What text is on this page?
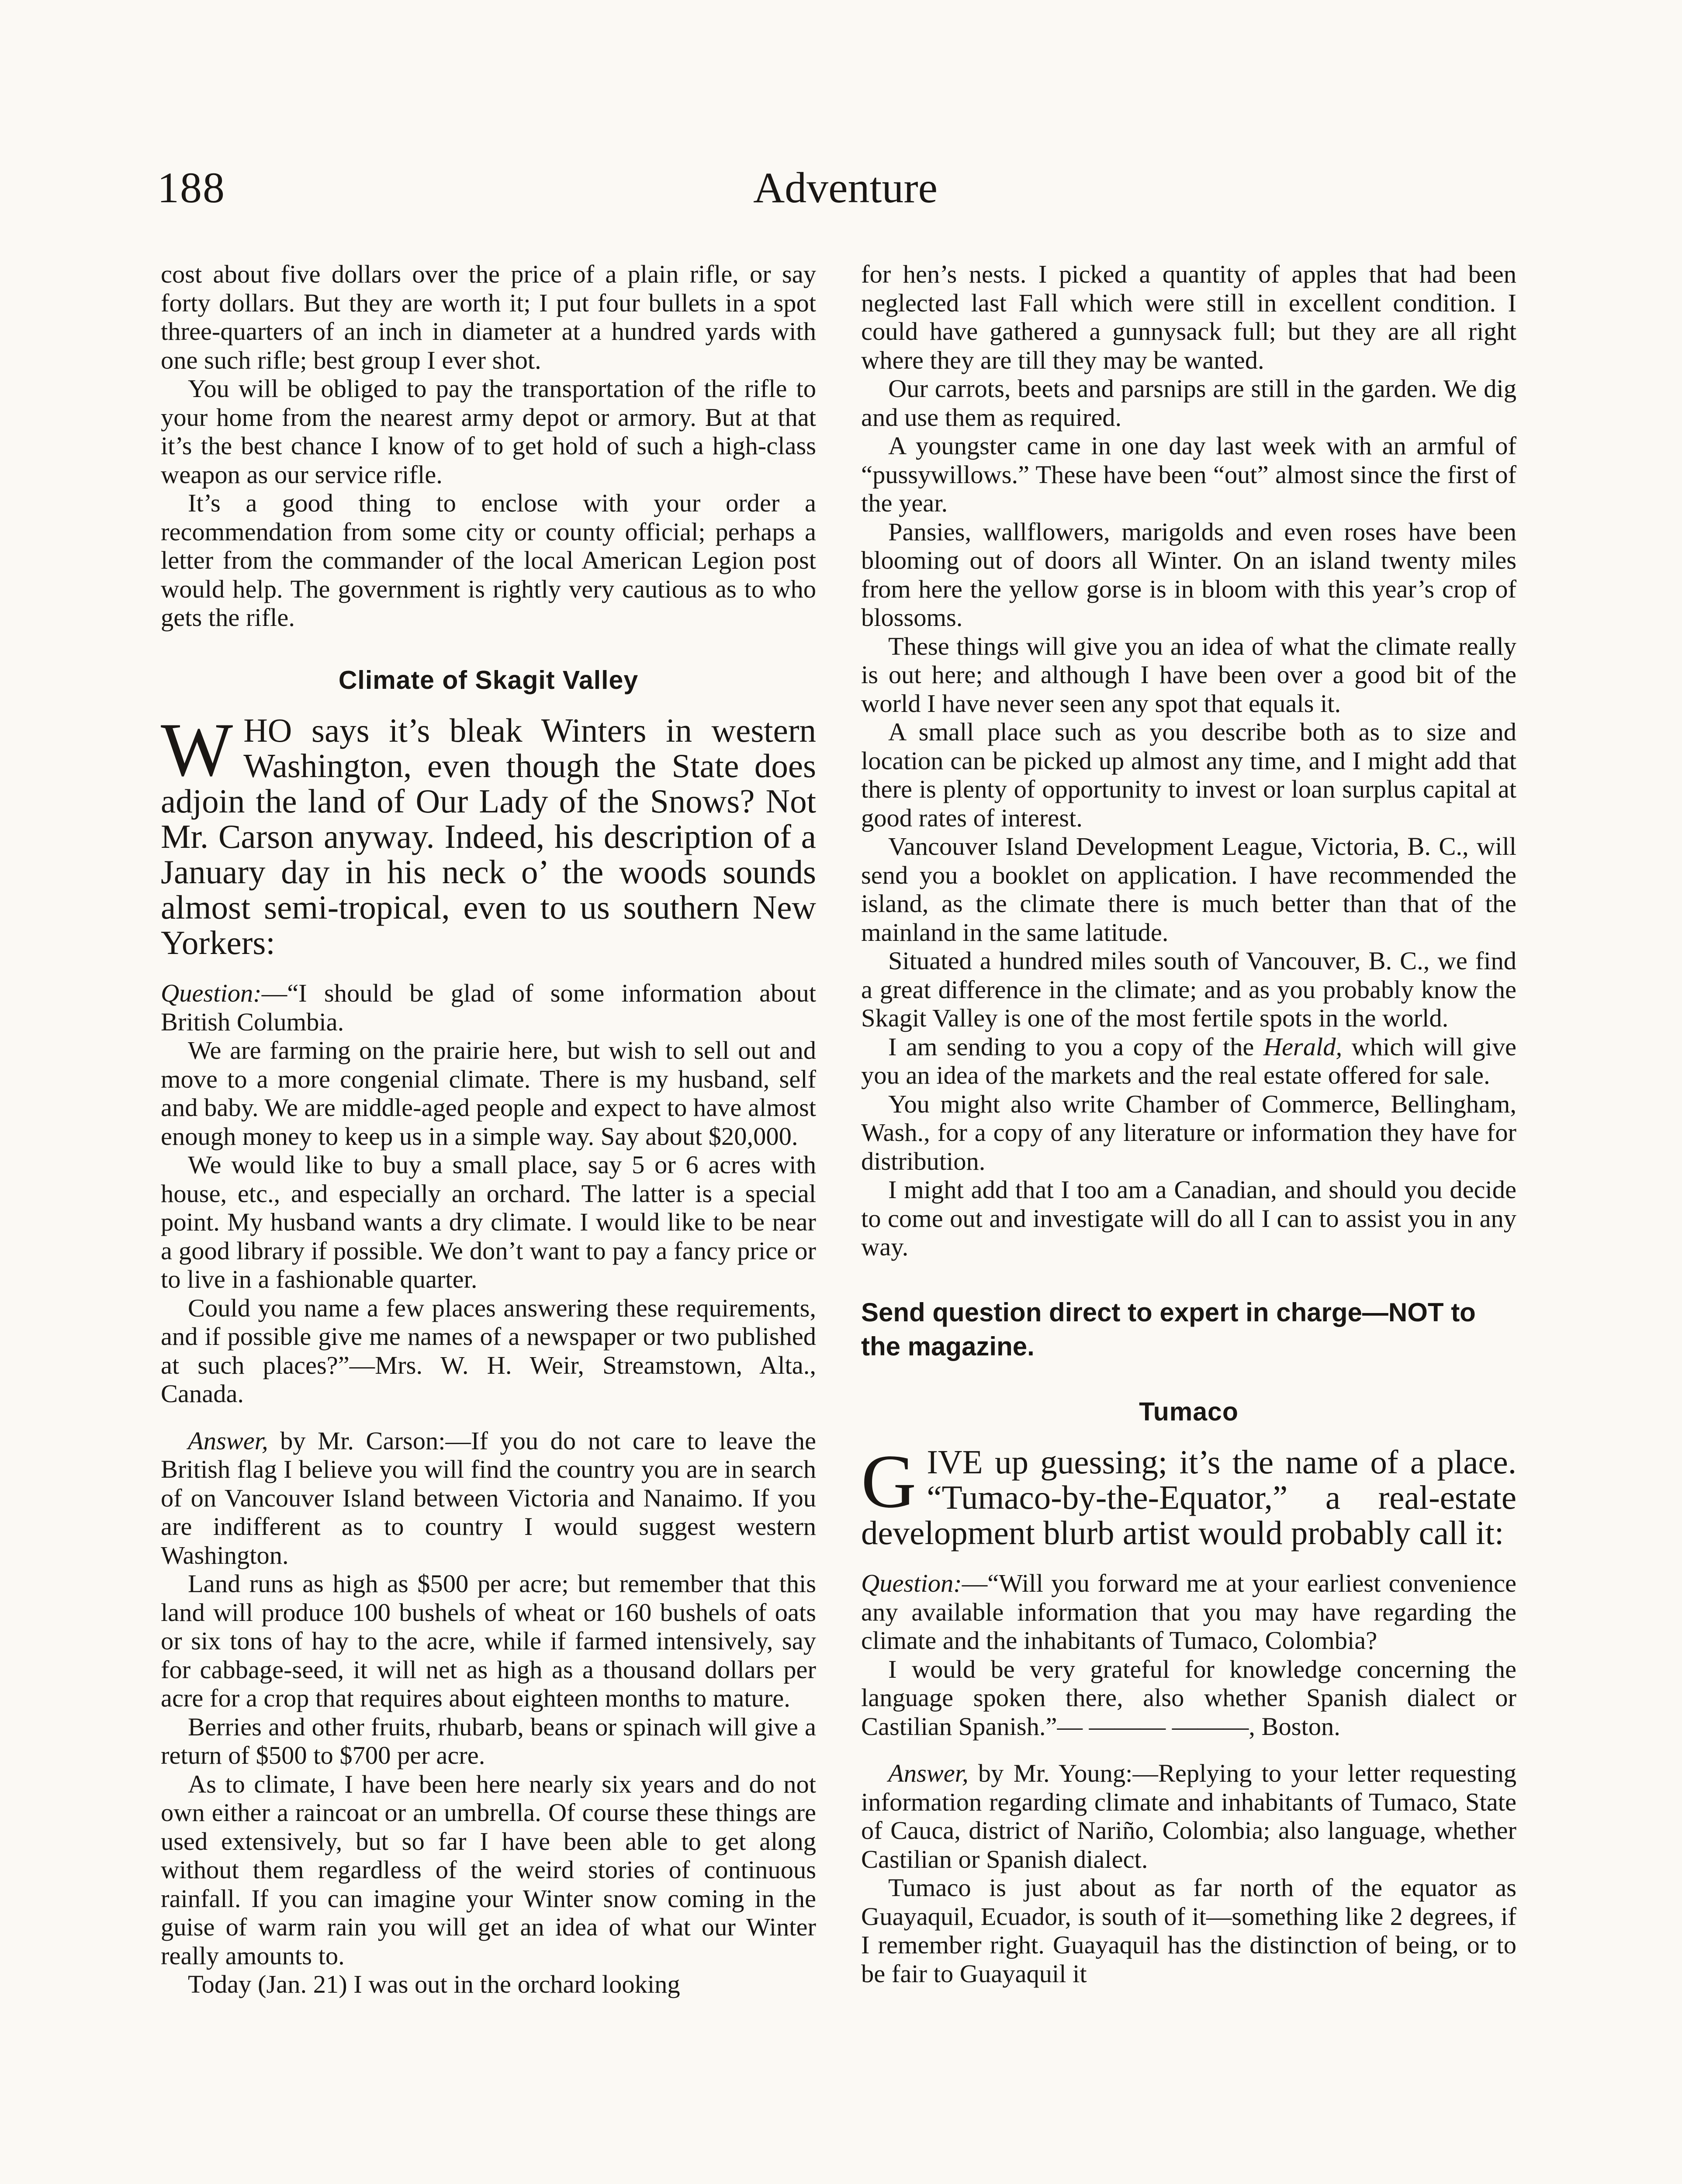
188	Adventure

cost about five dollars over the price of a plain rifle, or say forty dollars. But they are worth it; I put four bullets in a spot three-quarters of an inch in diameter at a hundred yards with one such rifle; best group I ever shot.

You will be obliged to pay the transportation of the rifle to your home from the nearest army depot or armory. But at that it’s the best chance I know of to get hold of such a high-class weapon as our service rifle.

It’s a good thing to enclose with your order a recommendation from some city or county official; perhaps a letter from the commander of the local American Legion post would help. The government is rightly very cautious as to who gets the rifle.

Climate of Skagit Valley

WHO says it’s bleak Winters in western Washington, even though the State does adjoin the land of Our Lady of the Snows? Not Mr. Carson anyway. Indeed, his description of a January day in his neck o’ the woods sounds almost semi-tropical, even to us southern New Yorkers:

Question:—“I should be glad of some information about British Columbia.

We are farming on the prairie here, but wish to sell out and move to a more congenial climate. There is my husband, self and baby. We are middle-aged people and expect to have almost enough money to keep us in a simple way. Say about $20,000.

We would like to buy a small place, say 5 or 6 acres with house, etc., and especially an orchard. The latter is a special point. My husband wants a dry climate. I would like to be near a good library if possible. We don’t want to pay a fancy price or to live in a fashionable quarter.

Could you name a few places answering these requirements, and if possible give me names of a newspaper or two published at such places?”—Mrs. W. H. Weir, Streamstown, Alta., Canada.

Answer, by Mr. Carson:—If you do not care to leave the British flag I believe you will find the country you are in search of on Vancouver Island between Victoria and Nanaimo. If you are indifferent as to country I would suggest western Washington.

Land runs as high as $500 per acre; but remember that this land will produce 100 bushels of wheat or 160 bushels of oats or six tons of hay to the acre, while if farmed intensively, say for cabbage-seed, it will net as high as a thousand dollars per acre for a crop that requires about eighteen months to mature.

Berries and other fruits, rhubarb, beans or spinach will give a return of $500 to $700 per acre.

As to climate, I have been here nearly six years and do not own either a raincoat or an umbrella. Of course these things are used extensively, but so far I have been able to get along without them regardless of the weird stories of continuous rainfall. If you can imagine your Winter snow coming in the guise of warm rain you will get an idea of what our Winter really amounts to.

Today (Jan. 21) I was out in the orchard looking

for hen’s nests. I picked a quantity of apples that had been neglected last Fall which were still in excellent condition. I could have gathered a gunnysack full; but they are all right where they are till they may be wanted.

Our carrots, beets and parsnips are still in the garden. We dig and use them as required.

A youngster came in one day last week with an armful of “pussywillows.” These have been “out” almost since the first of the year.

Pansies, wallflowers, marigolds and even roses have been blooming out of doors all Winter. On an island twenty miles from here the yellow gorse is in bloom with this year’s crop of blossoms.

These things will give you an idea of what the climate really is out here; and although I have been over a good bit of the world I have never seen any spot that equals it.

A small place such as you describe both as to size and location can be picked up almost any time, and I might add that there is plenty of opportunity to invest or loan surplus capital at good rates of interest.

Vancouver Island Development League, Victoria, B. C., will send you a booklet on application. I have recommended the island, as the climate there is much better than that of the mainland in the same latitude.

Situated a hundred miles south of Vancouver, B. C., we find a great difference in the climate; and as you probably know the Skagit Valley is one of the most fertile spots in the world.

I am sending to you a copy of the Herald, which will give you an idea of the markets and the real estate offered for sale.

You might also write Chamber of Commerce, Bellingham, Wash., for a copy of any literature or information they have for distribution.

I might add that I too am a Canadian, and should you decide to come out and investigate will do all I can to assist you in any way.

Send question direct to expert in charge—NOT to the magazine.

Tumaco

GIVE up guessing; it’s the name of a place. “Tumaco-by-the-Equator,” a real-estate development blurb artist would probably call it:

Question:—“Will you forward me at your earliest convenience any available information that you may have regarding the climate and the inhabitants of Tumaco, Colombia?

I would be very grateful for knowledge concerning the language spoken there, also whether Spanish dialect or Castilian Spanish.”— ——— ———, Boston.

Answer, by Mr. Young:—Replying to your letter requesting information regarding climate and inhabitants of Tumaco, State of Cauca, district of Nariño, Colombia; also language, whether Castilian or Spanish dialect.

Tumaco is just about as far north of the equator as Guayaquil, Ecuador, is south of it—something like 2 degrees, if I remember right. Guayaquil has the distinction of being, or to be fair to Guayaquil it
